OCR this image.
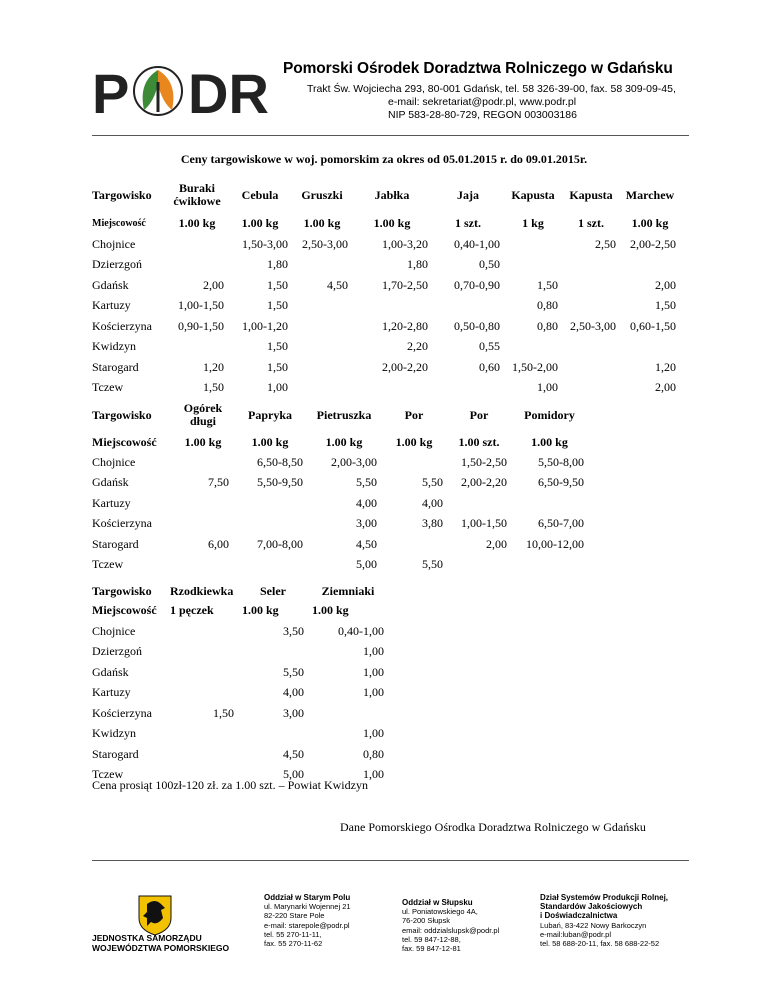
P DR Pomorski Ośrodek Doradztwa Rolniczego w Gdańsku
Trakt Św. Wojciecha 293, 80-001 Gdańsk, tel. 58 326-39-00, fax. 58 309-09-45,
e-mail: sekretariat@podr.pl, www.podr.pl
NIP 583-28-80-729, REGON 003003186
Ceny targowiskowe w woj. pomorskim za okres od 05.01.2015 r. do 09.01.2015r.
Targowisko	Buraki ćwikłowe	Cebula	Gruszki	Jabłka	Jaja	Kapusta	Kapusta	Marchew
Miejscowość	1.00 kg	1.00 kg	1.00 kg	1.00 kg	1 szt.	1 kg	1 szt.	1.00 kg
Chojnice		1,50-3,00	2,50-3,00	1,00-3,20	0,40-1,00		2,50	2,00-2,50
Dzierzgoń		1,80		1,80	0,50			
Gdańsk	2,00	1,50	4,50	1,70-2,50	0,70-0,90	1,50		2,00
Kartuzy	1,00-1,50	1,50				0,80		1,50
Kościerzyna	0,90-1,50	1,00-1,20		1,20-2,80	0,50-0,80	0,80	2,50-3,00	0,60-1,50
Kwidzyn		1,50		2,20	0,55			
Starogard	1,20	1,50		2,00-2,20	0,60	1,50-2,00		1,20
Tczew	1,50	1,00				1,00		2,00
Targowisko	Ogórek długi	Papryka	Pietruszka	Por	Por	Pomidory
Miejscowość	1.00 kg	1.00 kg	1.00 kg	1.00 kg	1.00 szt.	1.00 kg
Chojnice		6,50-8,50	2,00-3,00		1,50-2,50	5,50-8,00
Gdańsk	7,50	5,50-9,50	5,50	5,50	2,00-2,20	6,50-9,50
Kartuzy			4,00	4,00		
Kościerzyna			3,00	3,80	1,00-1,50	6,50-7,00
Starogard	6,00	7,00-8,00	4,50		2,00	10,00-12,00
Tczew			5,00	5,50		
Targowisko	Rzodkiewka	Seler	Ziemniaki
Miejscowość	1 pęczek	1.00 kg	1.00 kg
Chojnice		3,50	0,40-1,00
Dzierzgoń			1,00
Gdańsk		5,50	1,00
Kartuzy		4,00	1,00
Kościerzyna	1,50	3,00	
Kwidzyn			1,00
Starogard		4,50	0,80
Tczew		5,00	1,00
Cena prosiąt 100zł-120 zł. za 1.00 szt. – Powiat Kwidzyn
Dane Pomorskiego Ośrodka Doradztwa Rolniczego w Gdańsku
JEDNOSTKA SAMORZĄDU
WOJEWÓDZTWA POMORSKIEGO
Oddział w Starym Polu
ul. Marynarki Wojennej 21
82-220 Stare Pole
e-mail: starepole@podr.pl
tel. 55 270-11-11,
fax. 55 270-11-62
Oddział w Słupsku
ul. Poniatowskiego 4A,
76-200 Słupsk
email: oddzialslupsk@podr.pl
tel. 59 847-12-88,
fax. 59 847-12-81
Dział Systemów Produkcji Rolnej,
Standardów Jakościowych
i Doświadczalnictwa
Lubań, 83-422 Nowy Barkoczyn
e-mail:luban@podr.pl
tel. 58 688-20-11, fax. 58 688-22-52
